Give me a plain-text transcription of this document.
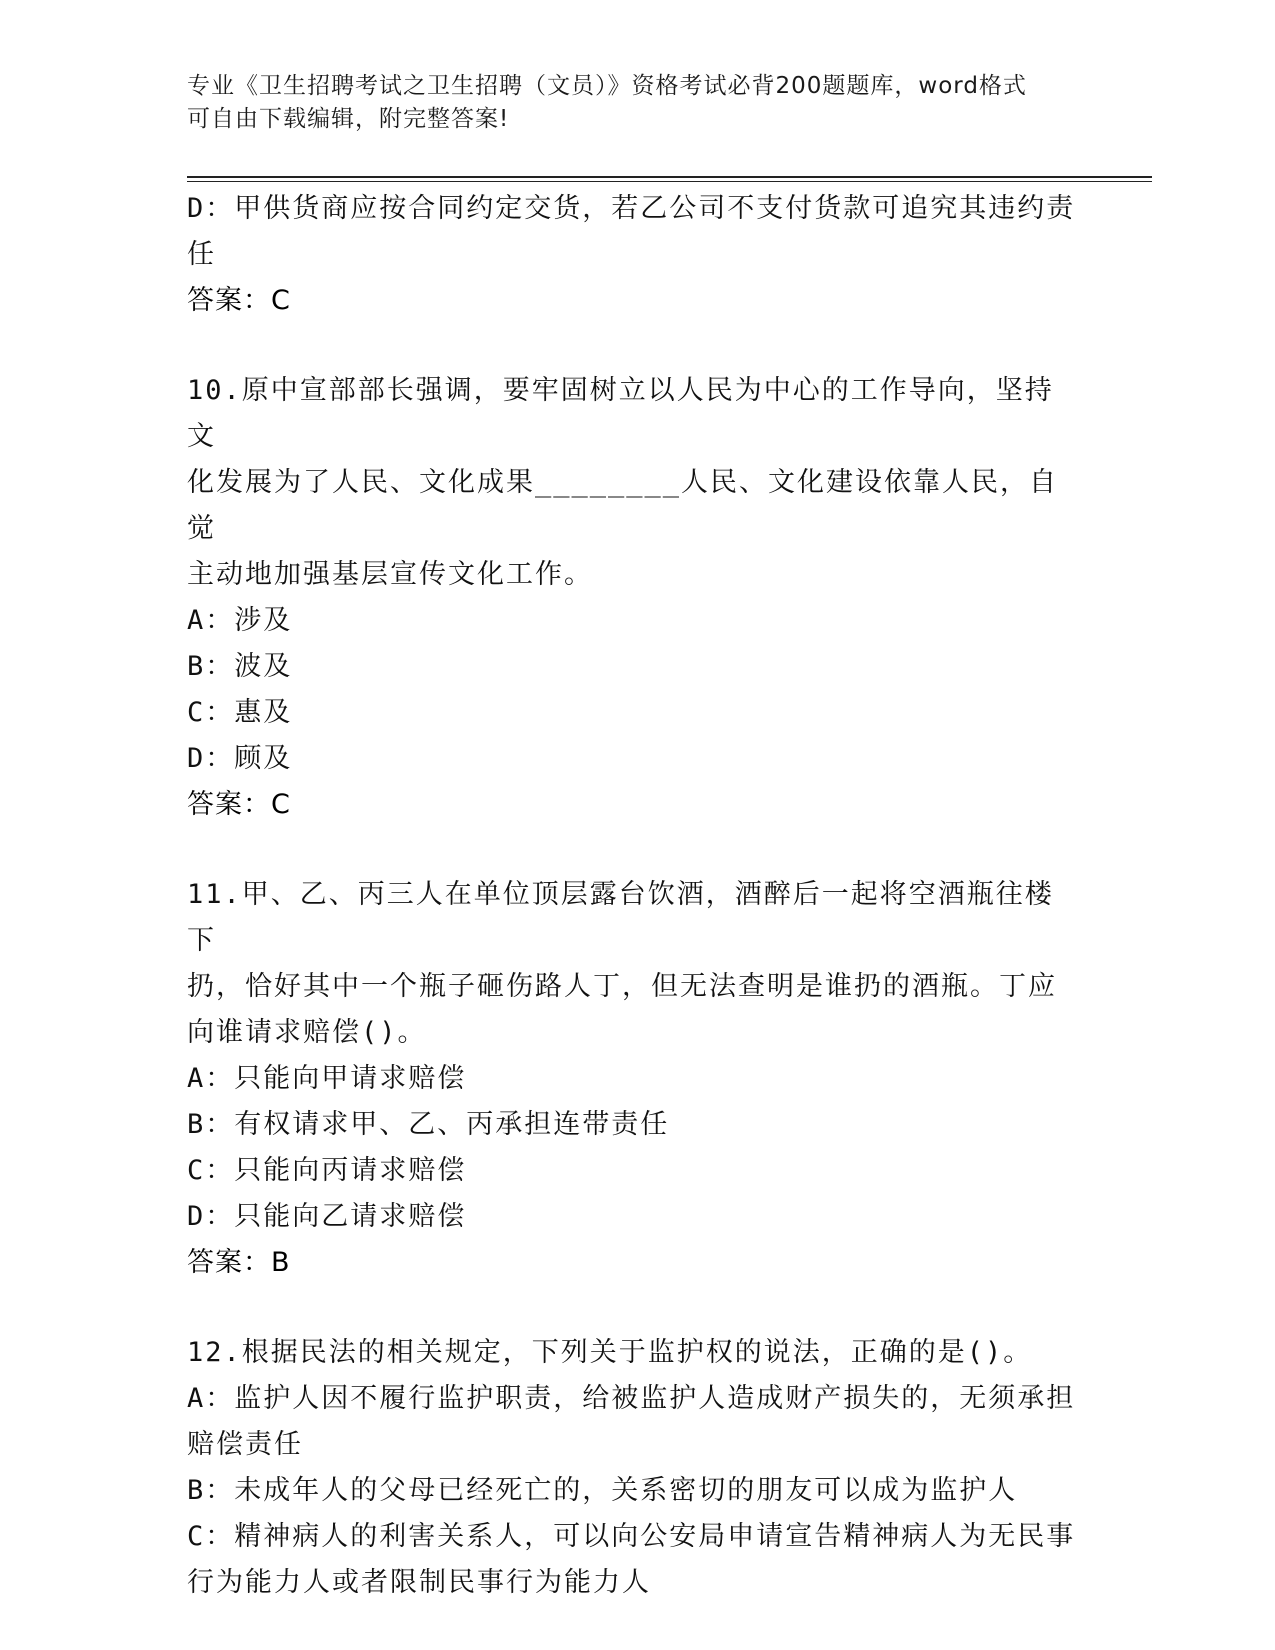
专业《卫生招聘考试之卫生招聘（文员）》资格考试必背200题题库，word格式
可自由下载编辑，附完整答案!
D：甲供货商应按合同约定交货，若乙公司不支付货款可追究其违约责
任
答案：C
10.原中宣部部长强调，要牢固树立以人民为中心的工作导向，坚持文
化发展为了人民、文化成果________人民、文化建设依靠人民，自觉
主动地加强基层宣传文化工作。
A：涉及
B：波及
C：惠及
D：顾及
答案：C
11.甲、乙、丙三人在单位顶层露台饮酒，酒醉后一起将空酒瓶往楼下
扔，恰好其中一个瓶子砸伤路人丁，但无法查明是谁扔的酒瓶。丁应
向谁请求赔偿()。
A：只能向甲请求赔偿
B：有权请求甲、乙、丙承担连带责任
C：只能向丙请求赔偿
D：只能向乙请求赔偿
答案：B
12.根据民法的相关规定，下列关于监护权的说法，正确的是()。
A：监护人因不履行监护职责，给被监护人造成财产损失的，无须承担
赔偿责任
B：未成年人的父母已经死亡的，关系密切的朋友可以成为监护人
C：精神病人的利害关系人，可以向公安局申请宣告精神病人为无民事
行为能力人或者限制民事行为能力人
